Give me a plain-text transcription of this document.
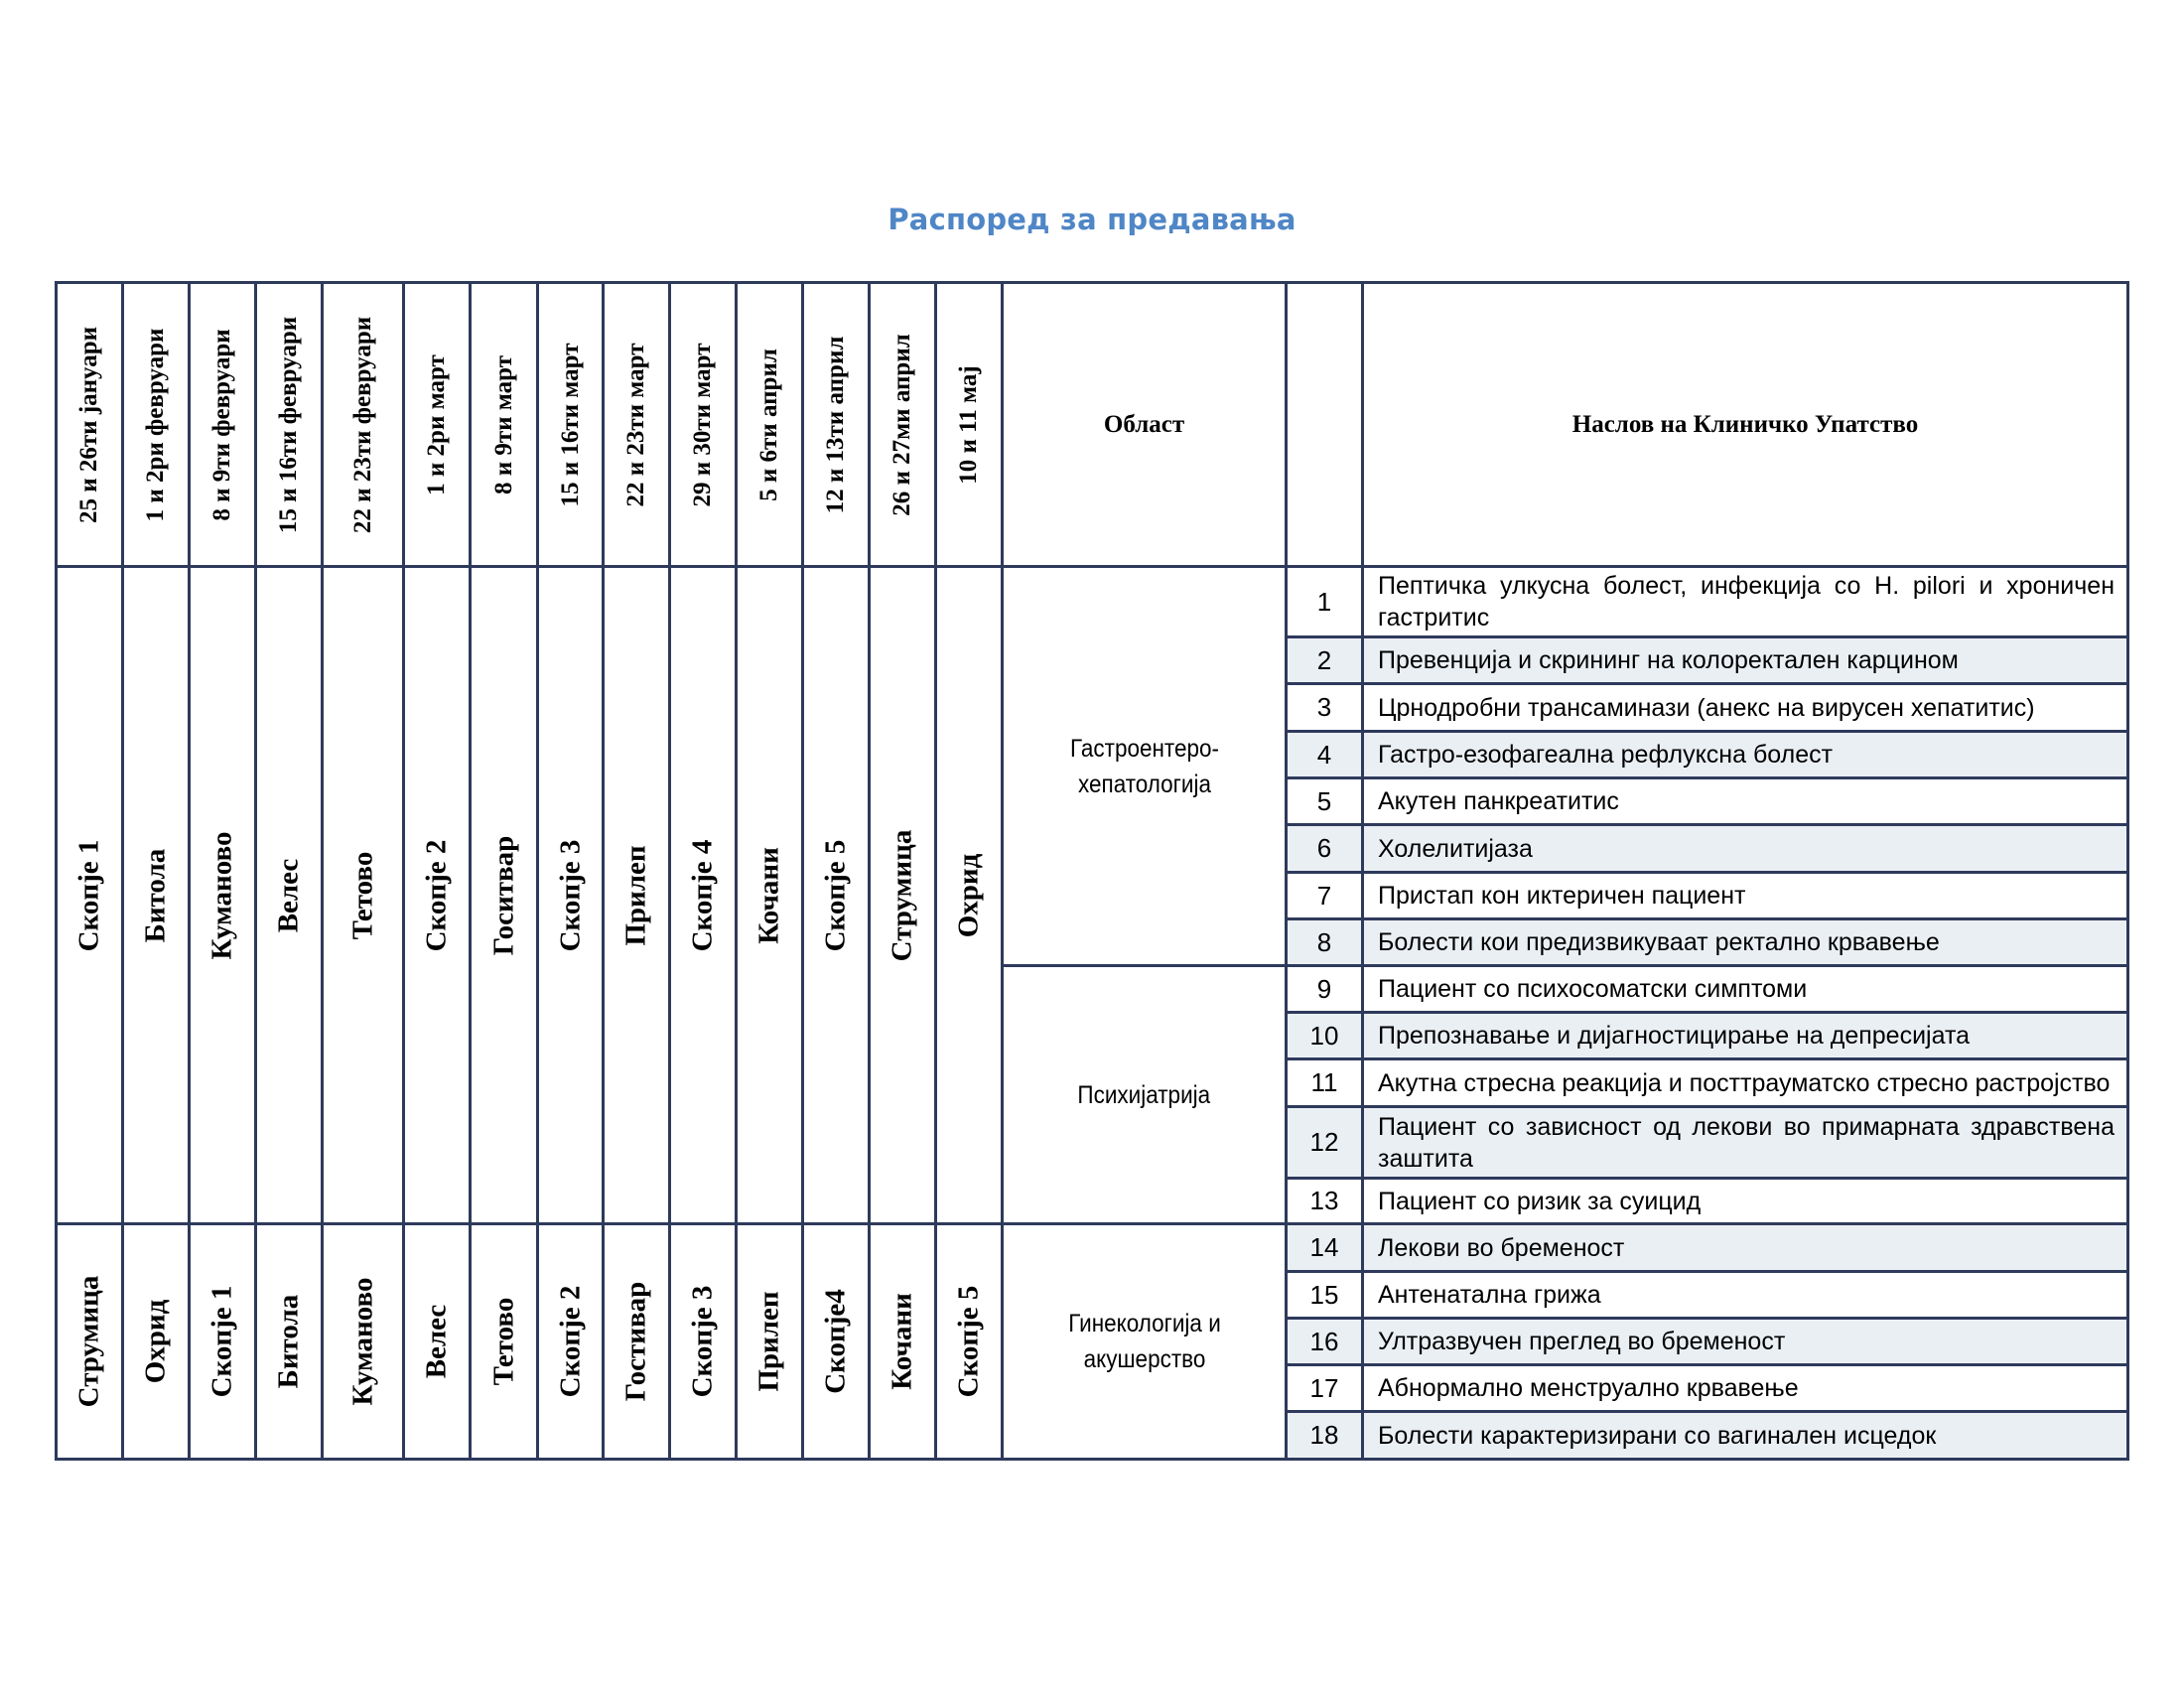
Распоред за предавања
25 и 26ти јануари	1 и 2ри февруари	8 и 9ти февруари	15 и 16ти февруари	22 и 23ти февруари	1 и 2ри март	8 и 9ти март	15 и 16ти март	22 и 23ти март	29 и 30ти март	5 и 6ти април	12 и 13ти април	26 и 27ми април	10 и 11 мај	Област		Наслов на Клиничко Упатство

Скопје 1	Битола	Куманово	Велес	Тетово	Скопје 2	Госитвар	Скопје 3	Прилеп	Скопје 4	Кочани	Скопје 5	Струмица	Охрид	Гастроентеро-хепатологија	1	Пептичка улкусна болест, инфекција со H. pilori и хроничен гастритис

															2	Превенција и скрининг на колоректален карцином

															3	Црнодробни трансаминази (анекс на вирусен хепатитис)

															4	Гастро-езофагеална рефлуксна болест

															5	Акутен панкреатитис

															6	Холелитијаза

															7	Пристап кон иктеричен пациент

															8	Болести кои предизвикуваат ректално крвавење

														Психијатрија	9	Пациент со психосоматски симптоми

															10	Препознавање и дијагностицирање на депресијата

															11	Акутна стресна реакција и посттрауматско стресно растројство

															12	Пациент со зависност од лекови во примарната здравствена заштита

															13	Пациент со ризик за суицид

Струмица	Охрид	Скопје 1	Битола	Куманово	Велес	Тетово	Скопје 2	Гостивар	Скопје 3	Прилеп	Скопје4	Кочани	Скопје 5	Гинекологија и акушерство	14	Лекови во бременост

															15	Антенатална грижа

															16	Ултразвучен преглед во бременост

															17	Абнормално менструално крвавење

															18	Болести карактеризирани со вагинален исцедок
